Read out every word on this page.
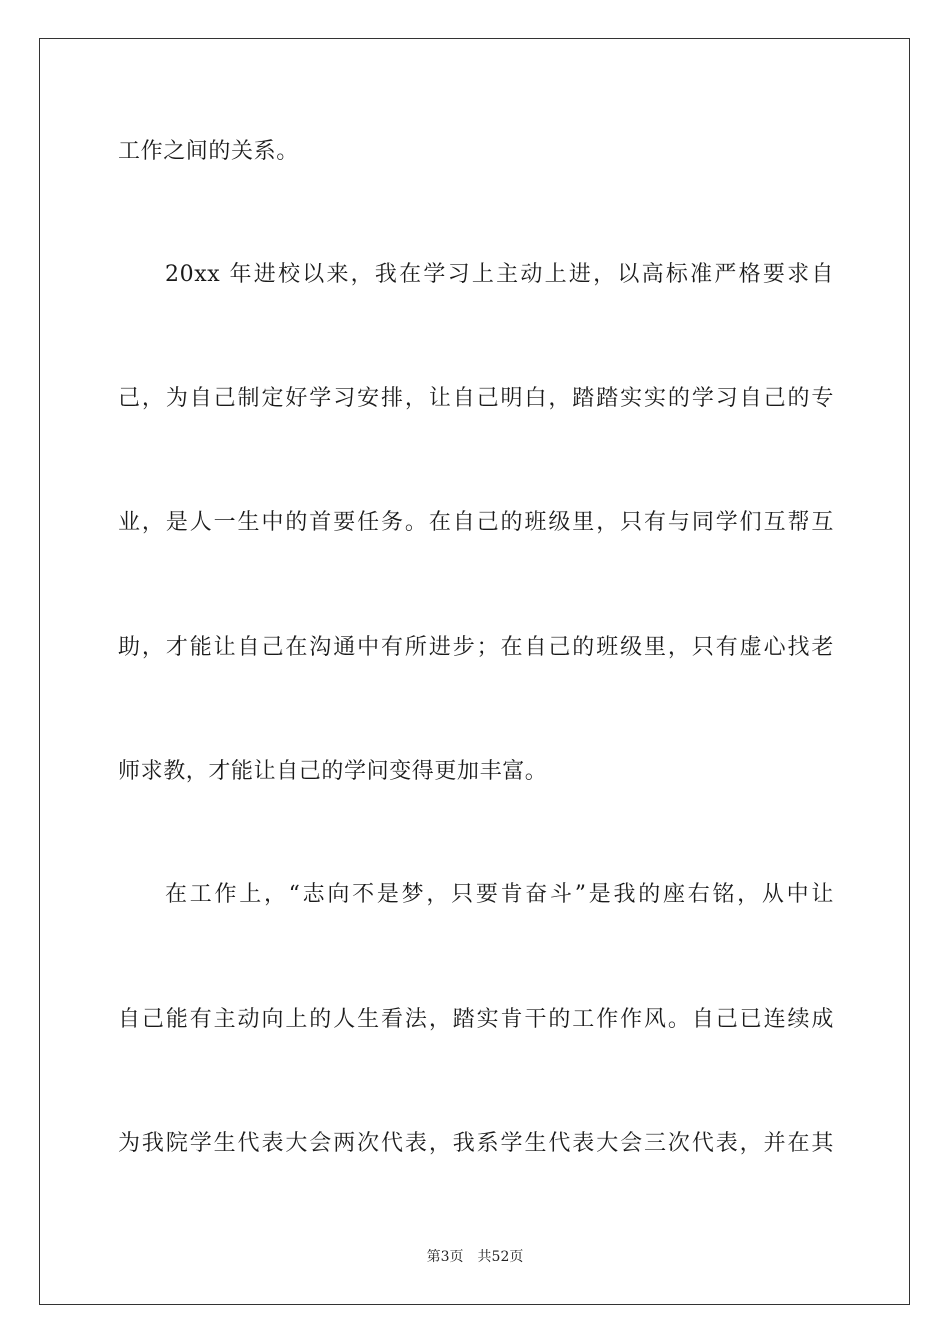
工作之间的关系。
20xx 年进校以来，我在学习上主动上进，以高标准严格要求自
己，为自己制定好学习安排，让自己明白，踏踏实实的学习自己的专
业，是人一生中的首要任务。在自己的班级里，只有与同学们互帮互
助，才能让自己在沟通中有所进步；在自己的班级里，只有虚心找老
师求教，才能让自己的学问变得更加丰富。
在工作上，“志向不是梦，只要肯奋斗”是我的座右铭，从中让
自己能有主动向上的人生看法，踏实肯干的工作作风。自己已连续成
为我院学生代表大会两次代表，我系学生代表大会三次代表，并在其
第3页 共52页
